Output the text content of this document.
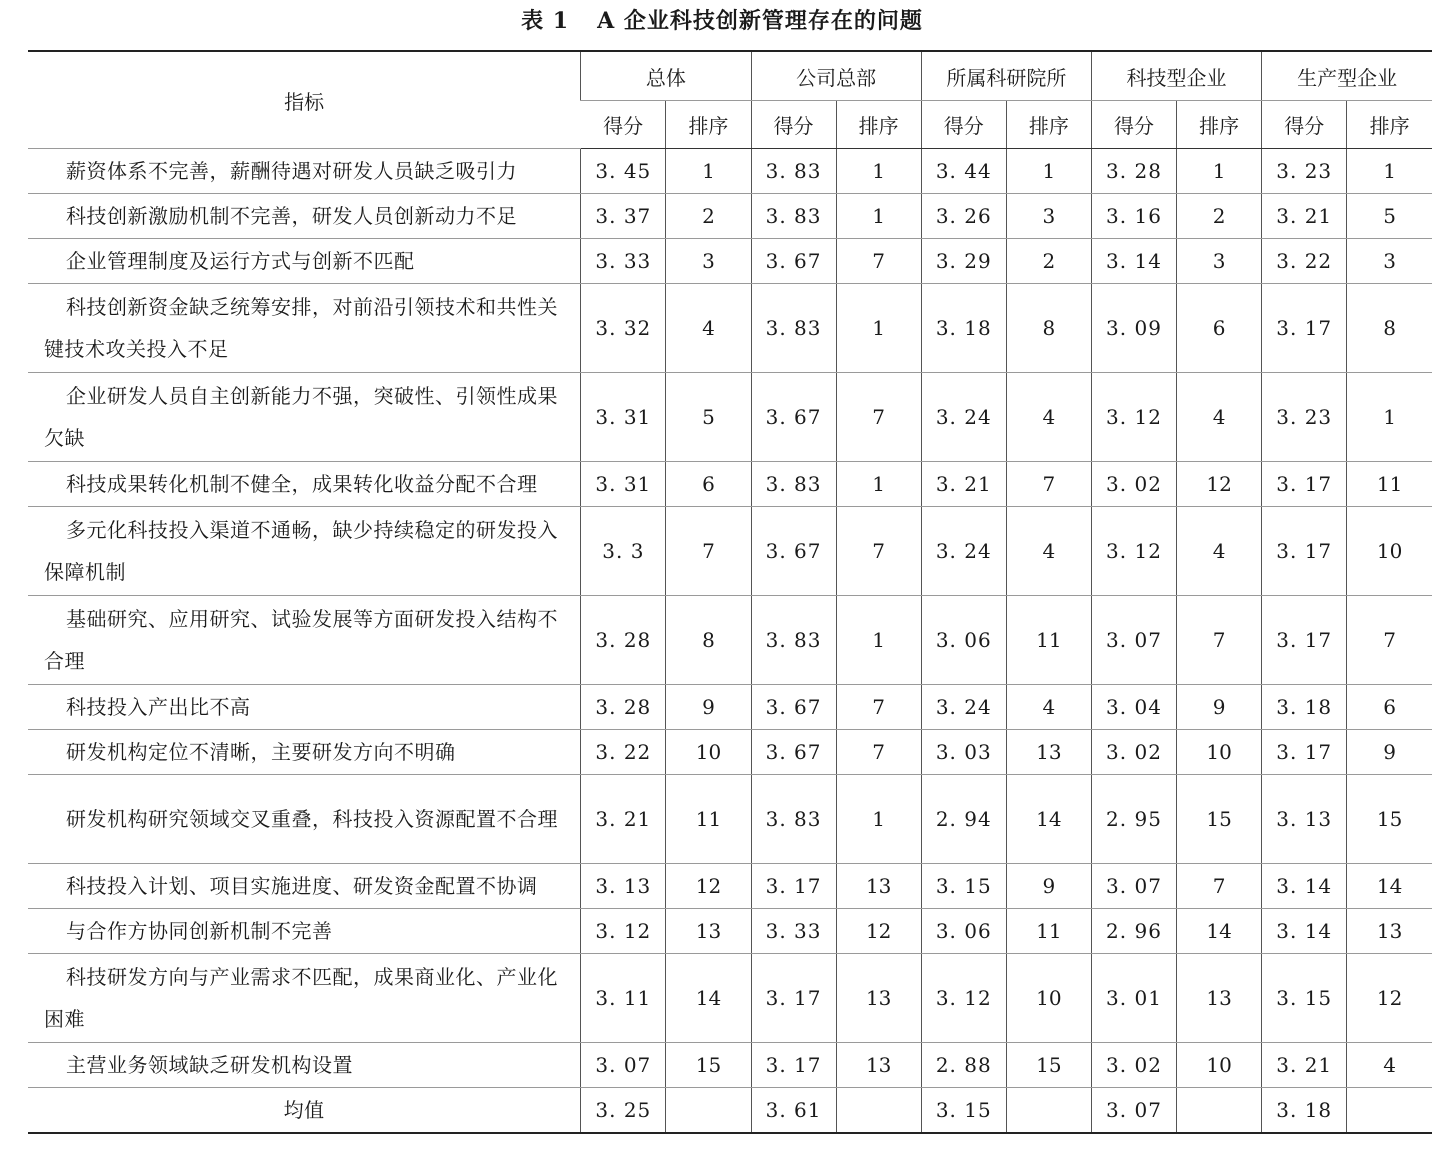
表 1 A 企业科技创新管理存在的问题
指标	总体		公司总部		所属科研院所		科技型企业		生产型企业	
	得分	排序	得分	排序	得分	排序	得分	排序	得分	排序
薪资体系不完善，薪酬待遇对研发人员缺乏吸引力	3. 45	1	3. 83	1	3. 44	1	3. 28	1	3. 23	1
科技创新激励机制不完善，研发人员创新动力不足	3. 37	2	3. 83	1	3. 26	3	3. 16	2	3. 21	5
企业管理制度及运行方式与创新不匹配	3. 33	3	3. 67	7	3. 29	2	3. 14	3	3. 22	3
科技创新资金缺乏统筹安排，对前沿引领技术和共性关键技术攻关投入不足	3. 32	4	3. 83	1	3. 18	8	3. 09	6	3. 17	8
企业研发人员自主创新能力不强，突破性、引领性成果欠缺	3. 31	5	3. 67	7	3. 24	4	3. 12	4	3. 23	1
科技成果转化机制不健全，成果转化收益分配不合理	3. 31	6	3. 83	1	3. 21	7	3. 02	12	3. 17	11
多元化科技投入渠道不通畅，缺少持续稳定的研发投入保障机制	3. 3	7	3. 67	7	3. 24	4	3. 12	4	3. 17	10
基础研究、应用研究、试验发展等方面研发投入结构不合理	3. 28	8	3. 83	1	3. 06	11	3. 07	7	3. 17	7
科技投入产出比不高	3. 28	9	3. 67	7	3. 24	4	3. 04	9	3. 18	6
研发机构定位不清晰，主要研发方向不明确	3. 22	10	3. 67	7	3. 03	13	3. 02	10	3. 17	9
研发机构研究领域交叉重叠，科技投入资源配置不合理	3. 21	11	3. 83	1	2. 94	14	2. 95	15	3. 13	15
科技投入计划、项目实施进度、研发资金配置不协调	3. 13	12	3. 17	13	3. 15	9	3. 07	7	3. 14	14
与合作方协同创新机制不完善	3. 12	13	3. 33	12	3. 06	11	2. 96	14	3. 14	13
科技研发方向与产业需求不匹配，成果商业化、产业化困难	3. 11	14	3. 17	13	3. 12	10	3. 01	13	3. 15	12
主营业务领域缺乏研发机构设置	3. 07	15	3. 17	13	2. 88	15	3. 02	10	3. 21	4
均值	3. 25		3. 61		3. 15		3. 07		3. 18	
